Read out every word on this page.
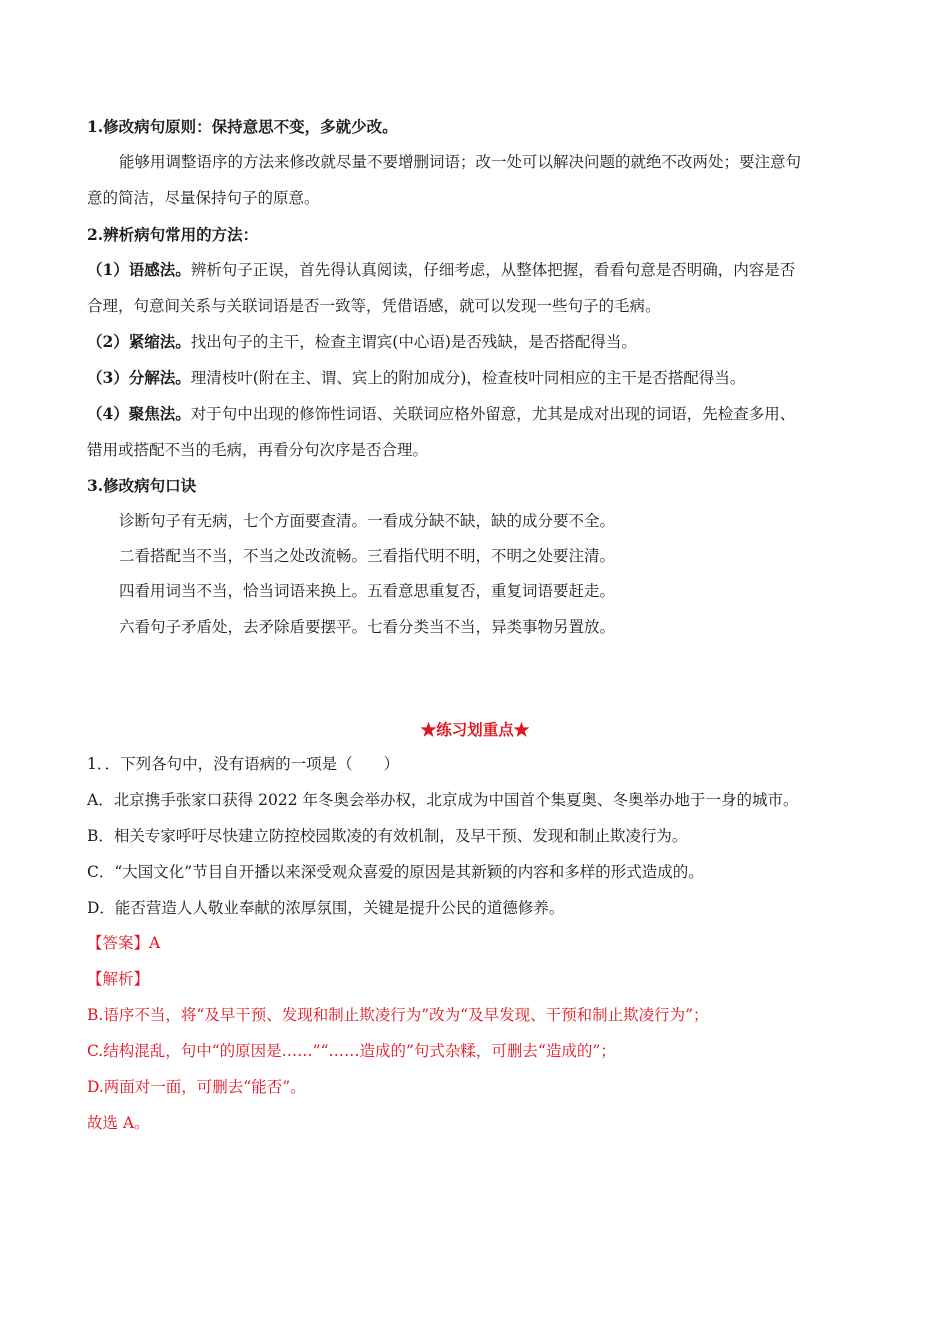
1.修改病句原则：保持意思不变，多就少改。
能够用调整语序的方法来修改就尽量不要增删词语；改一处可以解决问题的就绝不改两处；要注意句
意的简洁，尽量保持句子的原意。
2.辨析病句常用的方法：
（1）语感法。辨析句子正误，首先得认真阅读，仔细考虑，从整体把握，看看句意是否明确，内容是否
合理，句意间关系与关联词语是否一致等，凭借语感，就可以发现一些句子的毛病。
（2）紧缩法。找出句子的主干，检查主谓宾(中心语)是否残缺，是否搭配得当。
（3）分解法。理清枝叶(附在主、谓、宾上的附加成分)，检查枝叶同相应的主干是否搭配得当。
（4）聚焦法。对于句中出现的修饰性词语、关联词应格外留意，尤其是成对出现的词语，先检查多用、
错用或搭配不当的毛病，再看分句次序是否合理。
3.修改病句口诀
诊断句子有无病，七个方面要查清。一看成分缺不缺，缺的成分要不全。
二看搭配当不当，不当之处改流畅。三看指代明不明，不明之处要注清。
四看用词当不当，恰当词语来换上。五看意思重复否，重复词语要赶走。
六看句子矛盾处，去矛除盾要摆平。七看分类当不当，异类事物另置放。
★练习划重点★
1．．下列各句中，没有语病的一项是（　　）
A．北京携手张家口获得 2022 年冬奥会举办权，北京成为中国首个集夏奥、冬奥举办地于一身的城市。
B．相关专家呼吁尽快建立防控校园欺凌的有效机制，及早干预、发现和制止欺凌行为。
C．“大国文化”节目自开播以来深受观众喜爱的原因是其新颖的内容和多样的形式造成的。
D．能否营造人人敬业奉献的浓厚氛围，关键是提升公民的道德修养。
【答案】A
【解析】
B.语序不当，将“及早干预、发现和制止欺凌行为”改为“及早发现、干预和制止欺凌行为”；
C.结构混乱，句中“的原因是……”“……造成的”句式杂糅，可删去“造成的”；
D.两面对一面，可删去“能否”。
故选 A。
